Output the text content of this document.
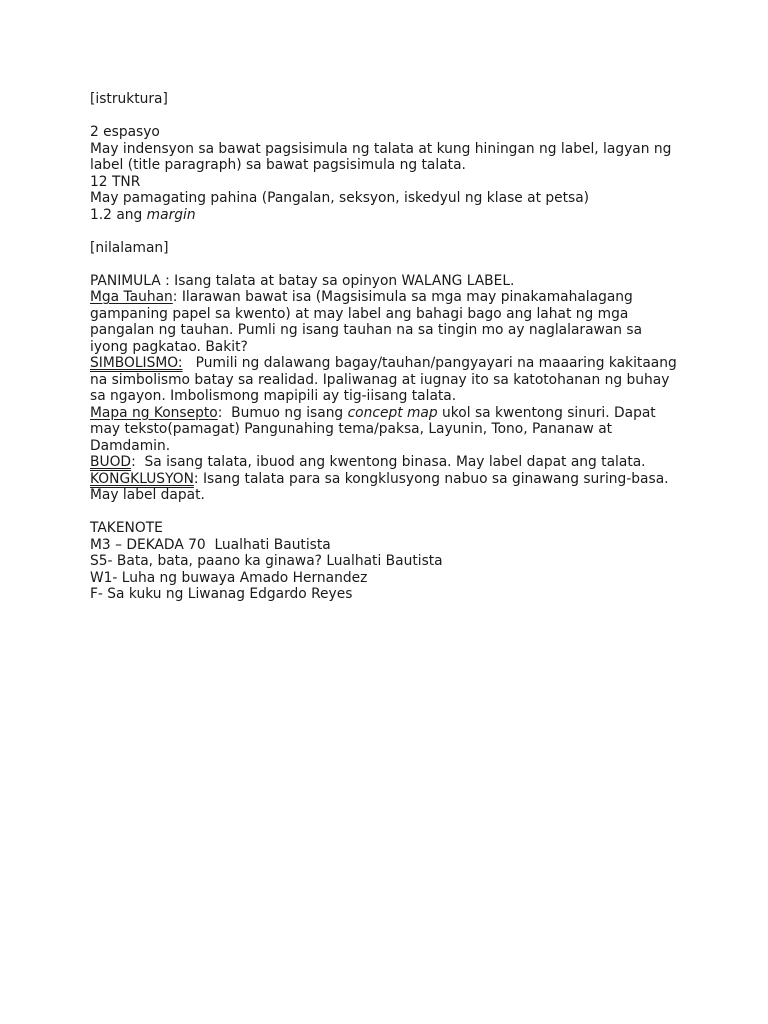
[istruktura]
2 espasyo
May indensyon sa bawat pagsisimula ng talata at kung hiningan ng label, lagyan ng
label (title paragraph) sa bawat pagsisimula ng talata.
12 TNR
May pamagating pahina (Pangalan, seksyon, iskedyul ng klase at petsa)
1.2 ang margin
[nilalaman]
PANIMULA : Isang talata at batay sa opinyon WALANG LABEL.
Mga Tauhan: Ilarawan bawat isa (Magsisimula sa mga may pinakamahalagang
gampaning papel sa kwento) at may label ang bahagi bago ang lahat ng mga
pangalan ng tauhan. Pumli ng isang tauhan na sa tingin mo ay naglalarawan sa
iyong pagkatao. Bakit?
SIMBOLISMO:   Pumili ng dalawang bagay/tauhan/pangyayari na maaaring kakitaang
na simbolismo batay sa realidad. Ipaliwanag at iugnay ito sa katotohanan ng buhay
sa ngayon. Imbolismong mapipili ay tig-iisang talata.
Mapa ng Konsepto:  Bumuo ng isang concept map ukol sa kwentong sinuri. Dapat
may teksto(pamagat) Pangunahing tema/paksa, Layunin, Tono, Pananaw at
Damdamin.
BUOD:  Sa isang talata, ibuod ang kwentong binasa. May label dapat ang talata.
KONGKLUSYON: Isang talata para sa kongklusyong nabuo sa ginawang suring-basa.
May label dapat.
TAKENOTE
M3 – DEKADA 70  Lualhati Bautista
S5- Bata, bata, paano ka ginawa? Lualhati Bautista
W1- Luha ng buwaya Amado Hernandez
F- Sa kuku ng Liwanag Edgardo Reyes
